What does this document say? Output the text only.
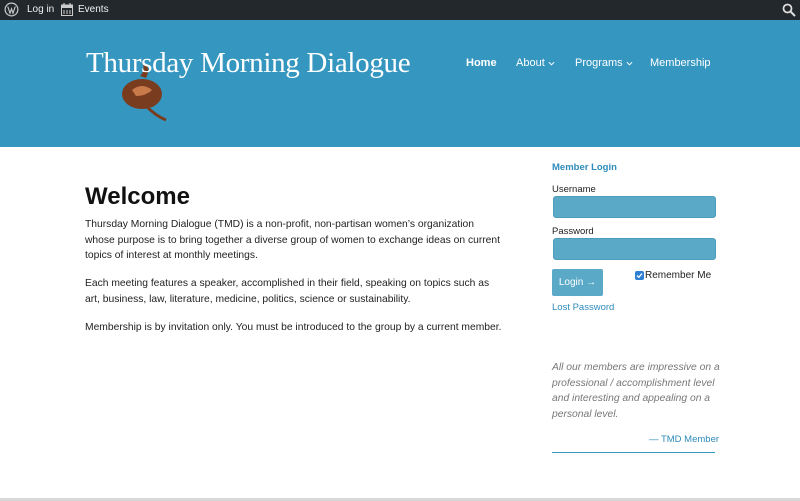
Log in Events
Thursday Morning Dialogue	Home About	Programs	Membership
Welcome

Thursday Morning Dialogue (TMD) is a non-profit, non-partisan women’s organization whose purpose is to bring together a diverse group of women to exchange ideas on current topics of interest at monthly meetings.

Each meeting features a speaker, accomplished in their field, speaking on topics such as art, business, law, literature, medicine, politics, science or sustainability.

Membership is by invitation only. You must be introduced to the group by a current member.

Member Login
Username
Password
Login →
Remember Me
Lost Password

All our members are impressive on a professional / accomplishment level and interesting and appealing on a personal level.

— TMD Member
